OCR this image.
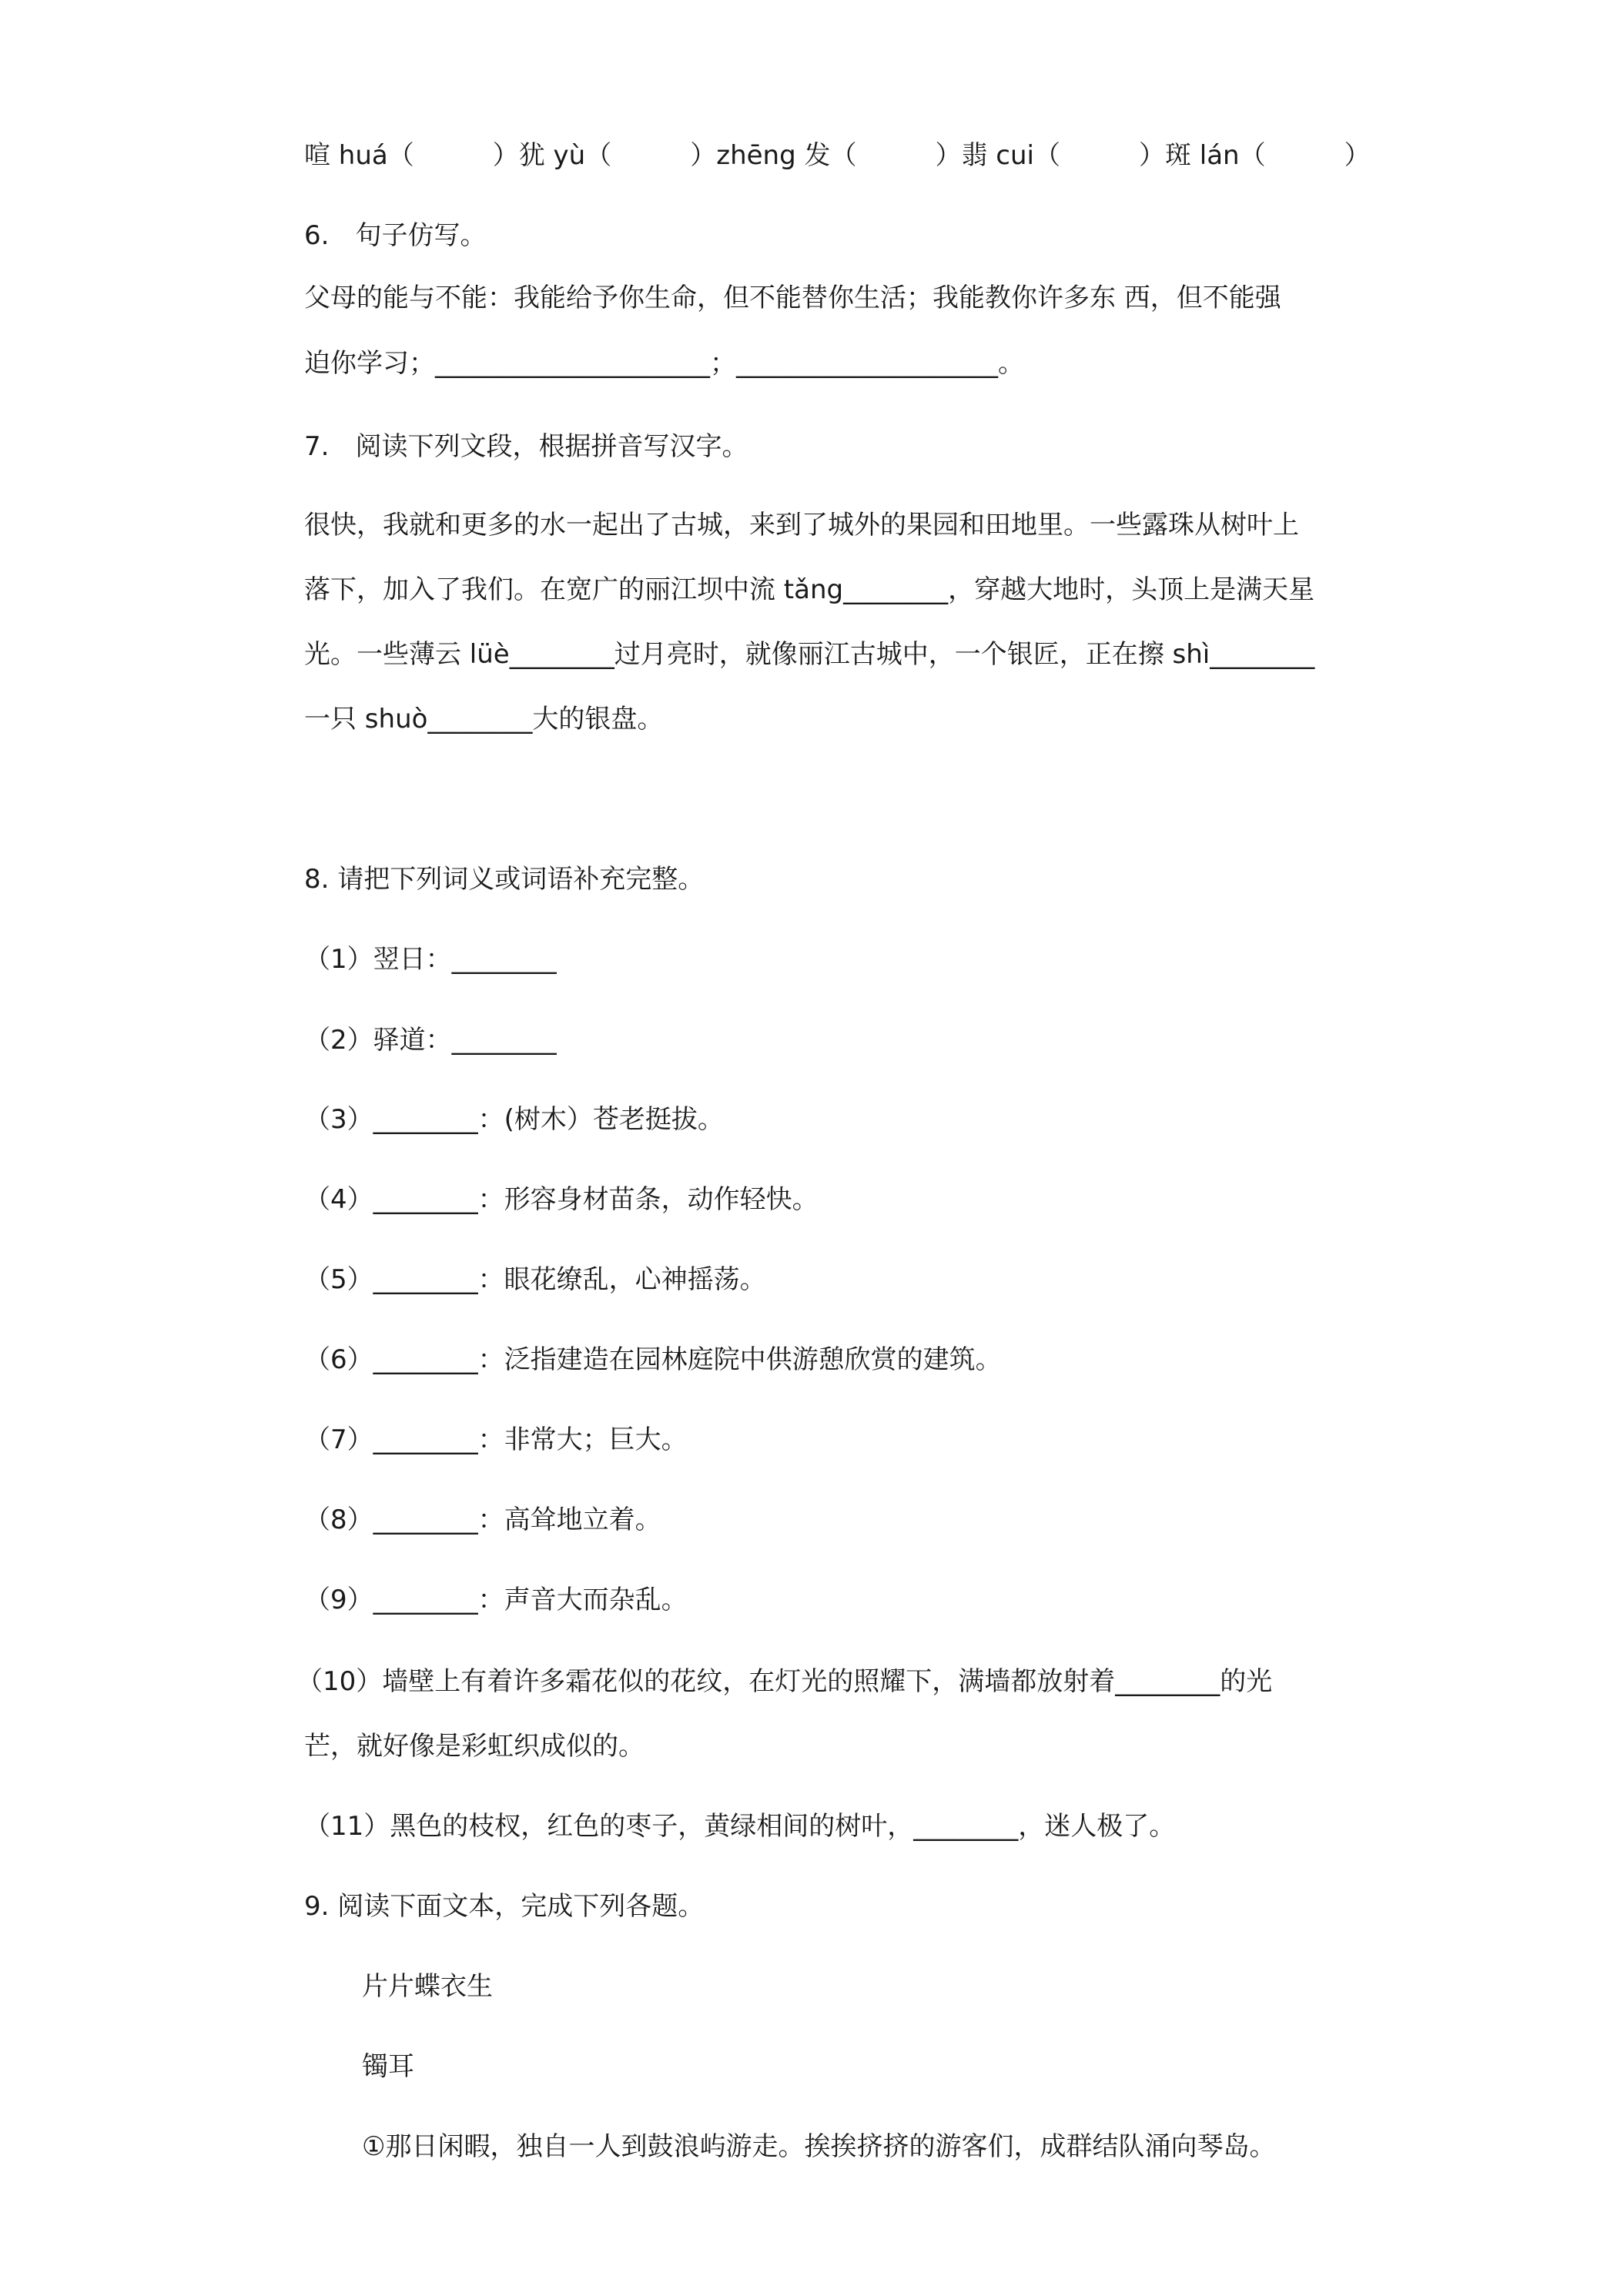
喧 huá（　　　）犹 yù（　　　）zhēng 发（　　　）翡 cui（　　　）斑 lán（　　　）
6.　句子仿写。
父母的能与不能：我能给予你生命，但不能替你生活；我能教你许多东 西，但不能强
迫你学习；_____________________；____________________。
7.　阅读下列文段，根据拼音写汉字。
很快，我就和更多的水一起出了古城，来到了城外的果园和田地里。一些露珠从树叶上
落下，加入了我们。在宽广的丽江坝中流 tǎng________，穿越大地时，头顶上是满天星
光。一些薄云 lüè________过月亮时，就像丽江古城中，一个银匠，正在擦 shì________
一只 shuò________大的银盘。
8. 请把下列词义或词语补充完整。
（1）翌日：________
（2）驿道：________
（3）________：(树木）苍老挺拔。
（4）________：形容身材苗条，动作轻快。
（5）________：眼花缭乱，心神摇荡。
（6）________：泛指建造在园林庭院中供游憩欣赏的建筑。
（7）________：非常大；巨大。
（8）________：高耸地立着。
（9）________：声音大而杂乱。
（10）墙壁上有着许多霜花似的花纹，在灯光的照耀下，满墙都放射着________的光
芒，就好像是彩虹织成似的。
（11）黑色的枝杈，红色的枣子，黄绿相间的树叶，________，迷人极了。
9. 阅读下面文本，完成下列各题。
片片蝶衣生
镯耳
①那日闲暇，独自一人到鼓浪屿游走。挨挨挤挤的游客们，成群结队涌向琴岛。
